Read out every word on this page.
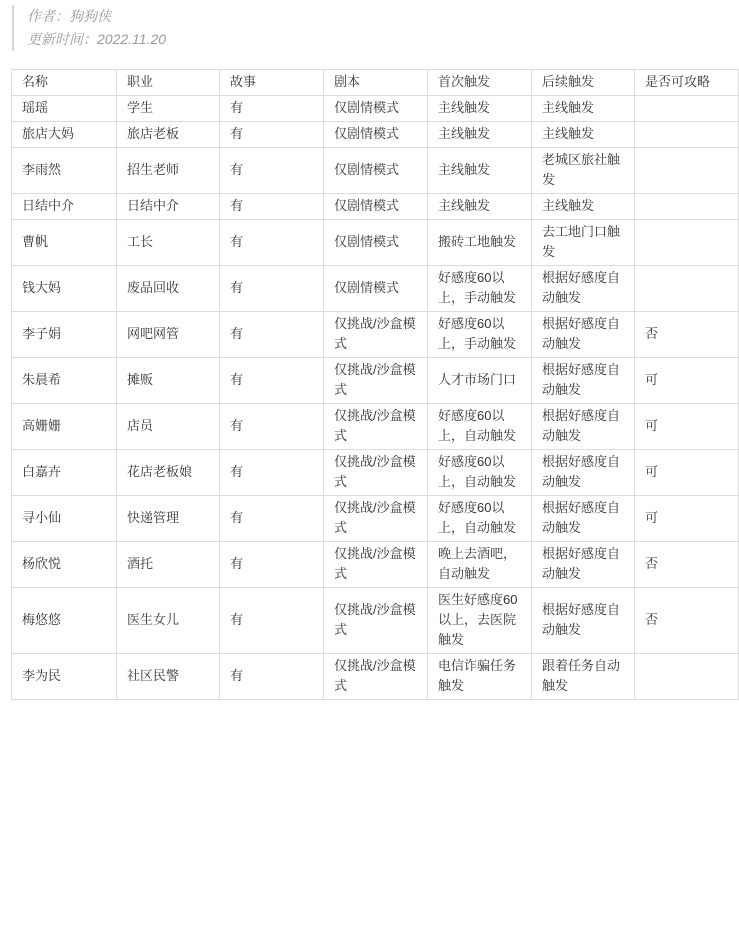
作者：狗狗侠
更新时间：2022.11.20
名称	职业	故事	剧本	首次触发	后续触发	是否可攻略
瑶瑶	学生	有	仅剧情模式	主线触发	主线触发	
旅店大妈	旅店老板	有	仅剧情模式	主线触发	主线触发	
李雨然	招生老师	有	仅剧情模式	主线触发	老城区旅社触发	
日结中介	日结中介	有	仅剧情模式	主线触发	主线触发	
曹帆	工长	有	仅剧情模式	搬砖工地触发	去工地门口触发	
钱大妈	废品回收	有	仅剧情模式	好感度60以上，手动触发	根据好感度自动触发	
李子娟	网吧网管	有	仅挑战/沙盒模式	好感度60以上，手动触发	根据好感度自动触发	否
朱晨希	摊贩	有	仅挑战/沙盒模式	人才市场门口	根据好感度自动触发	可
高姗姗	店员	有	仅挑战/沙盒模式	好感度60以上，自动触发	根据好感度自动触发	可
白嘉卉	花店老板娘	有	仅挑战/沙盒模式	好感度60以上，自动触发	根据好感度自动触发	可
寻小仙	快递管理	有	仅挑战/沙盒模式	好感度60以上，自动触发	根据好感度自动触发	可
杨欣悦	酒托	有	仅挑战/沙盒模式	晚上去酒吧，自动触发	根据好感度自动触发	否
梅悠悠	医生女儿	有	仅挑战/沙盒模式	医生好感度60以上，去医院触发	根据好感度自动触发	否
李为民	社区民警	有	仅挑战/沙盒模式	电信诈骗任务触发	跟着任务自动触发	
